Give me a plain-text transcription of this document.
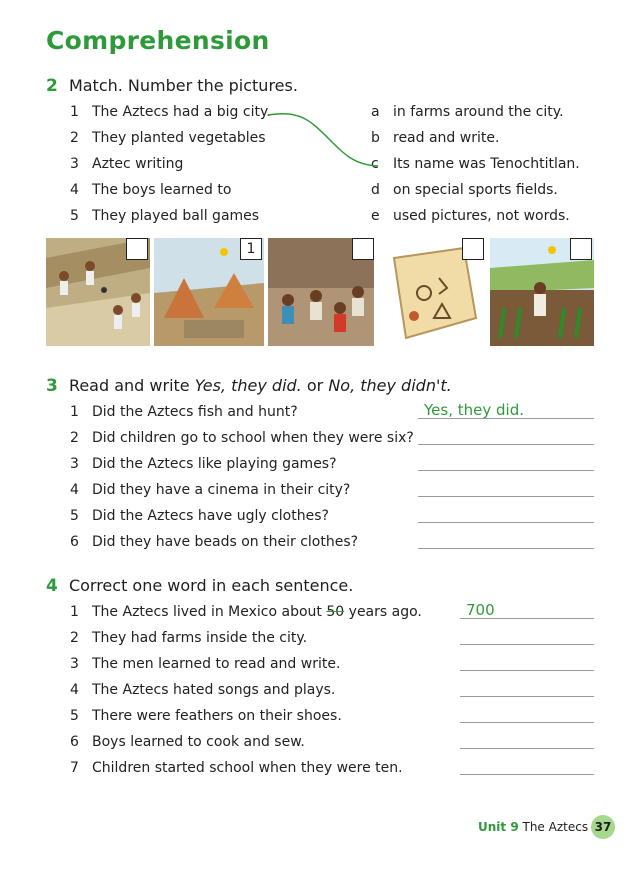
Comprehension
2 Match. Number the pictures.
1 The Aztecs had a big city.
2 They planted vegetables
3 Aztec writing
4 The boys learned to
5 They played ball games
a in farms around the city.
b read and write.
c Its name was Tenochtitlan.
d on special sports fields.
e used pictures, not words.
1
3 Read and write Yes, they did. or No, they didn't.
1 Did the Aztecs fish and hunt?
2 Did children go to school when they were six?
3 Did the Aztecs like playing games?
4 Did they have a cinema in their city?
5 Did the Aztecs have ugly clothes?
6 Did they have beads on their clothes?
Yes, they did.
4 Correct one word in each sentence.
1 The Aztecs lived in Mexico about 50 years ago.
2 They had farms inside the city.
3 The men learned to read and write.
4 The Aztecs hated songs and plays.
5 There were feathers on their shoes.
6 Boys learned to cook and sew.
7 Children started school when they were ten.
700
Unit 9 The Aztecs 37
